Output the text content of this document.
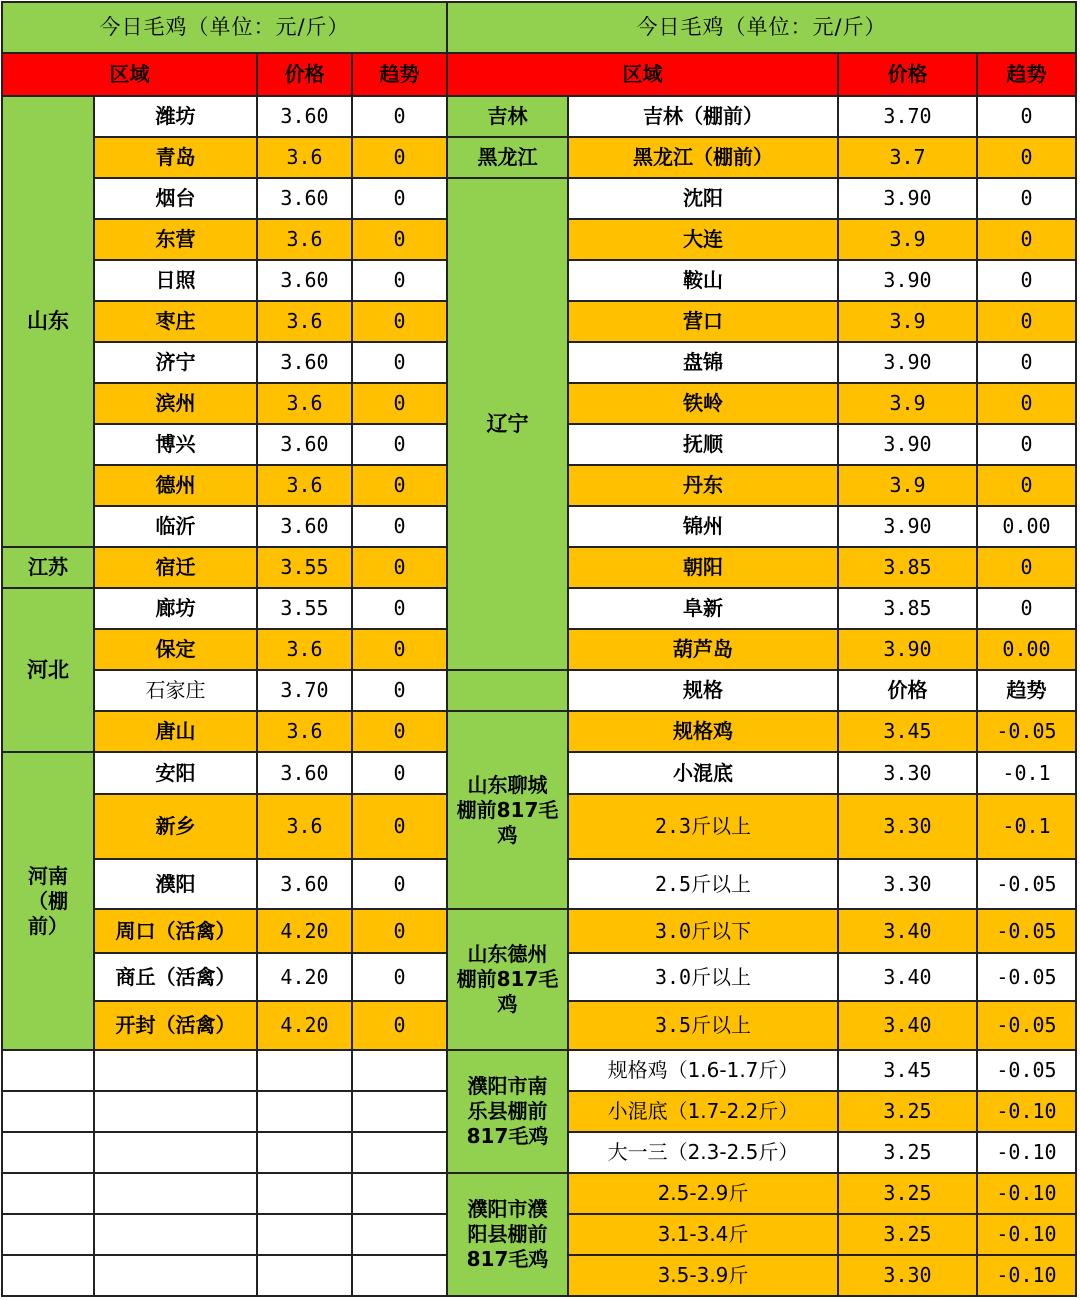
今日毛鸡（单位：元/斤）			
区域		价格	趋势
山东	潍坊	3.60	0
	青岛	3.6	0
	烟台	3.60	0
	东营	3.6	0
	日照	3.60	0
	枣庄	3.6	0
	济宁	3.60	0
	滨州	3.6	0
	博兴	3.60	0
	德州	3.6	0
	临沂	3.60	0
江苏	宿迁	3.55	0
河北	廊坊	3.55	0
	保定	3.6	0
	石家庄	3.70	0
	唐山	3.6	0
河南
（棚
前）	安阳	3.60	0
	新乡	3.6	0
	濮阳	3.60	0
	周口（活禽）	4.20	0
	商丘（活禽）	4.20	0
	开封（活禽）	4.20	0

今日毛鸡（单位：元/斤）			
区域		价格	趋势
吉林	吉林（棚前）	3.70	0
黑龙江	黑龙江（棚前）	3.7	0
辽宁	沈阳	3.90	0
	大连	3.9	0
	鞍山	3.90	0
	营口	3.9	0
	盘锦	3.90	0
	铁岭	3.9	0
	抚顺	3.90	0
	丹东	3.9	0
	锦州	3.90	0.00
	朝阳	3.85	0
	阜新	3.85	0
	葫芦岛	3.90	0.00
	规格	价格	趋势
山东聊城
棚前817毛
鸡	规格鸡	3.45	-0.05
	小混底	3.30	-0.1
	2.3斤以上	3.30	-0.1
	2.5斤以上	3.30	-0.05
山东德州
棚前817毛
鸡	3.0斤以下	3.40	-0.05
	3.0斤以上	3.40	-0.05
	3.5斤以上	3.40	-0.05
濮阳市南
乐县棚前
817毛鸡	规格鸡（1.6-1.7斤）	3.45	-0.05
	小混底（1.7-2.2斤）	3.25	-0.10
	大一三（2.3-2.5斤）	3.25	-0.10
濮阳市濮
阳县棚前
817毛鸡	2.5-2.9斤	3.25	-0.10
	3.1-3.4斤	3.25	-0.10
	3.5-3.9斤	3.30	-0.10
